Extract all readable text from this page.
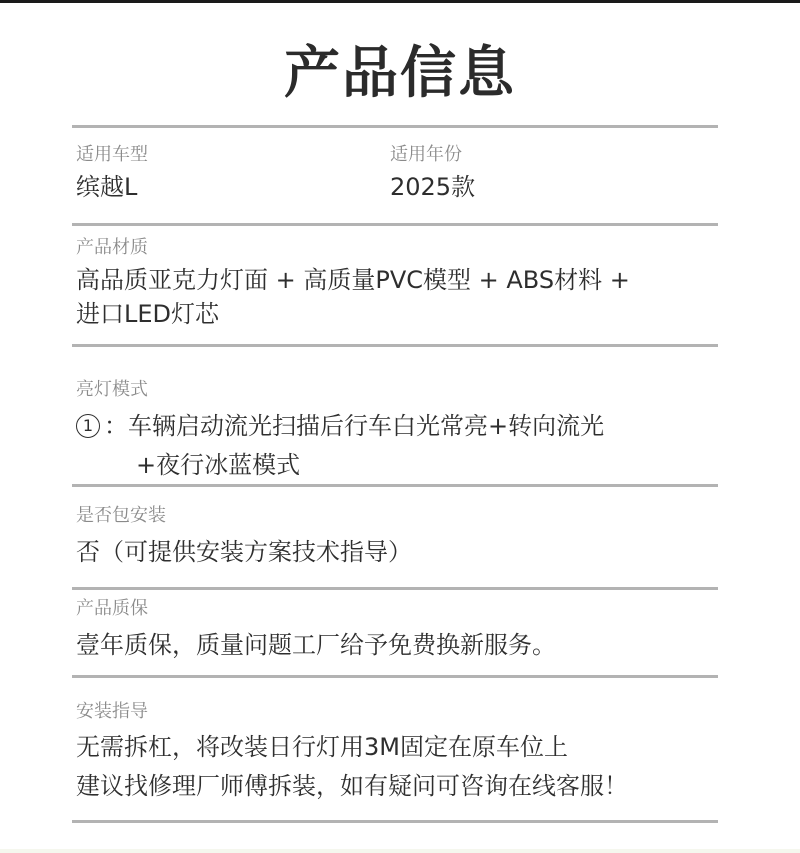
产品信息
适用车型
缤越L
适用年份
2025款
产品材质
高品质亚克力灯面 + 高质量PVC模型 + ABS材料 +
进口LED灯芯
亮灯模式
1 ：车辆启动流光扫描后行车白光常亮+转向流光
+夜行冰蓝模式
是否包安装
否（可提供安装方案技术指导）
产品质保
壹年质保，质量问题工厂给予免费换新服务。
安装指导
无需拆杠，将改装日行灯用3M固定在原车位上
建议找修理厂师傅拆装，如有疑问可咨询在线客服！
